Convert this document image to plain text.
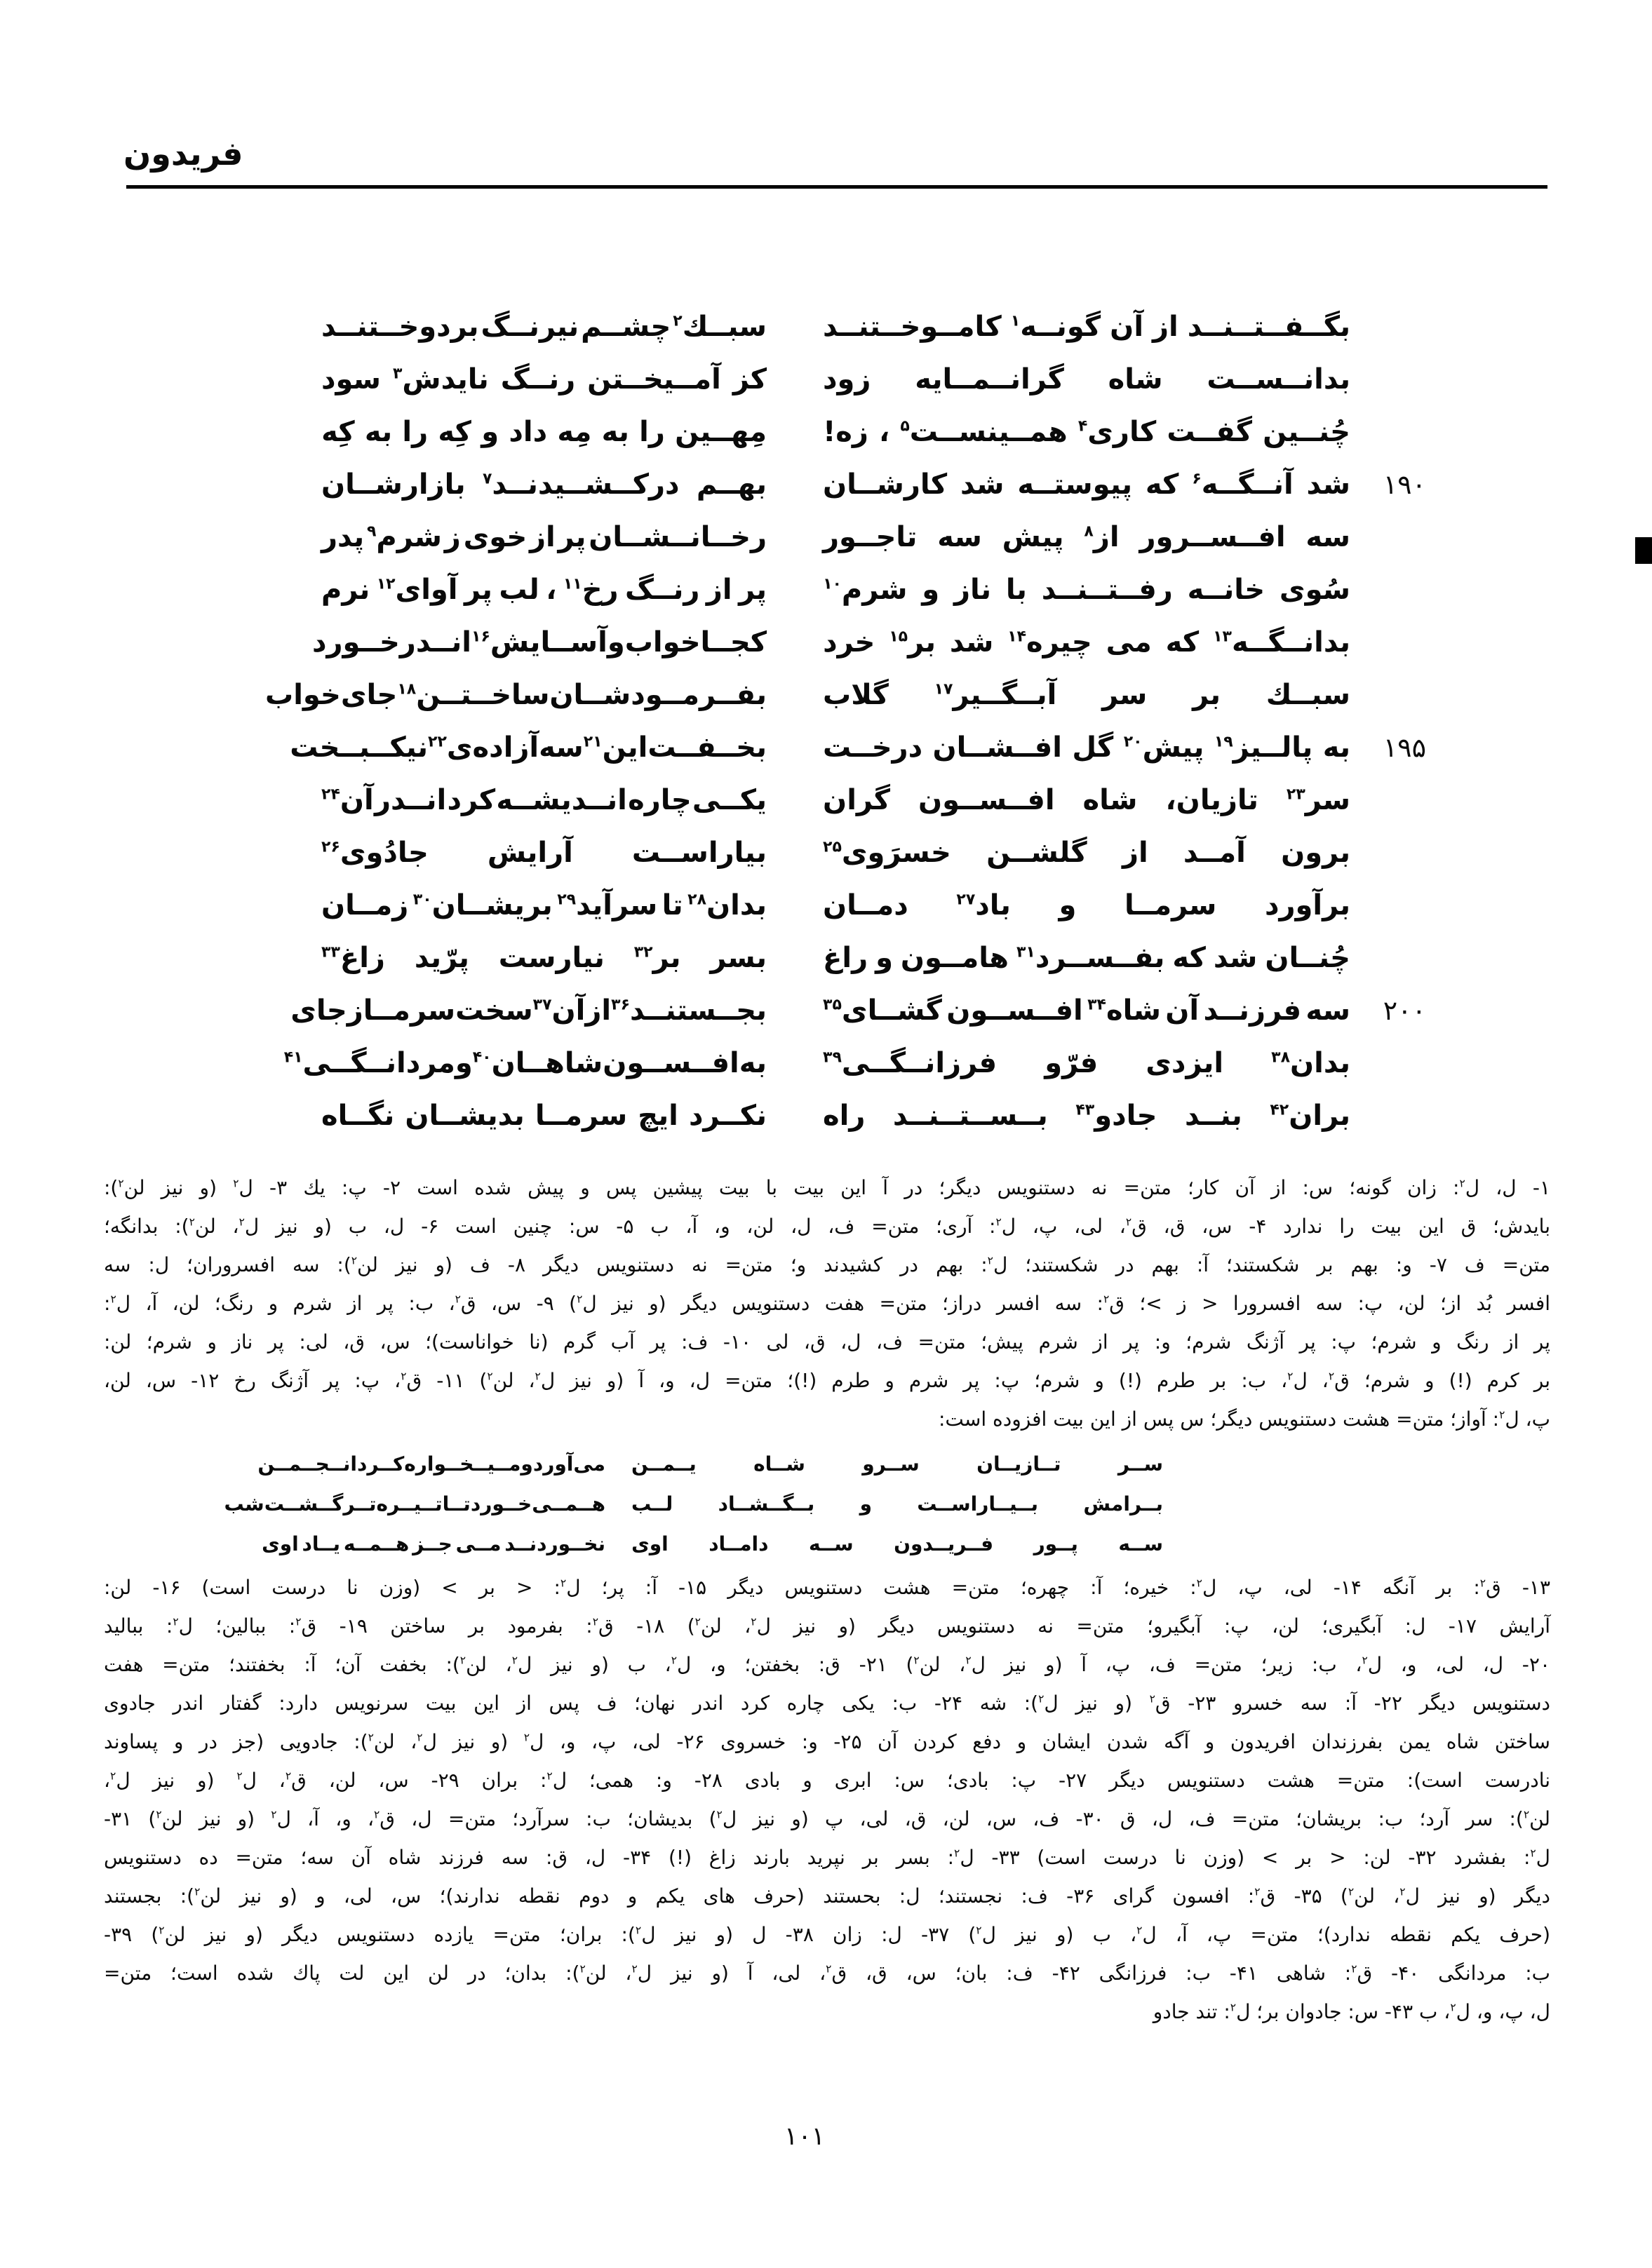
فریدون
بگــفــتــنــد
از
آن
گونــه$^۱$
کامــوخــتنــد
سبــك$^۲$
چشــم
نیرنــگ
بردوخــتنــد
بدانــســت
شاه
گرانــمــایه
زود
کز
آمــیخــتن
رنــگ
نایدش$^۳$
سود
چُنــین
گفــت
کاری$^۴$
همــینســت$^۵$
،
زه!
مِهــین
را
به
مِه
داد
و
کِه
را
به
کِه
۱۹۰
شد
آنــگــه$^۶$
که
پیوستــه
شد
کارشــان
بهــم
درکــشــیدنــد$^۷$
بازارشــان
سه
افــســرور
از$^۸$
پیش
سه
تاجــور
رخــانــشــان
پر
از
خوی
ز
شرم$^۹$
پدر
سُوی
خانــه
رفــتــنــد
با
ناز
و
شرم$^{۱۰}$
پر
از
رنــگ
رخ$^{۱۱}$
،
لب
پر
آوای$^{۱۲}$
نرم
بدانــگــه$^{۱۳}$
که
می
چیره$^{۱۴}$
شد
بر$^{۱۵}$
خرد
کجــا
خواب
و
آســایش$^{۱۶}$
انــدرخــورد
سبــك
بر
سر
آبــگــیر$^{۱۷}$
گلاب
بفــرمــودشــان
ساخــتــن$^{۱۸}$
جای
خواب
۱۹۵
به
پالــیز$^{۱۹}$
پیش$^{۲۰}$
گل
افــشــان
درخــت
بخــفــت
این$^{۲۱}$
سه
آزاده‌ی$^{۲۲}$
نیکــبــخت
سر$^{۲۳}$
تازیان،
شاه
افــســون
گران
یکــی
چاره
انــدیشــه
کرد
انــدر
آن$^{۲۴}$
برون
آمــد
از
گلشــن
خسرَوی$^{۲۵}$
بیاراســت
آرایش
جادُوی$^{۲۶}$
برآورد
سرمــا
و
باد$^{۲۷}$
دمــان
بدان$^{۲۸}$
تا
سرآید$^{۲۹}$
بریشــان$^{۳۰}$
زمــان
چُنــان
شد
که
بفــســرد$^{۳۱}$
هامــون
و
راغ
بسر
بر$^{۳۲}$
نیارست
پرّید
زاغ$^{۳۳}$
۲۰۰
سه
فرزنــد
آن
شاه$^{۳۴}$
افــســون
گشــای$^{۳۵}$
بجــستنــد$^{۳۶}$
از
آن$^{۳۷}$
سخت
سرمــا
ز
جای
بدان$^{۳۸}$
ایزدی
فرّو
فرزانــگــی$^{۳۹}$
به
افــســون
شاهــان$^{۴۰}$
و
مردانــگــی$^{۴۱}$
بران$^{۴۲}$
بنــد
جادو$^{۴۳}$
بــســتــنــد
راه
نکــرد
ایچ
سرمــا
بدیشــان
نگــاه
۱- ل، ل$^۲$: زان گونه؛ س: از آن کار؛ متن= نه دستنویس دیگر؛ در آ این بیت با بیت پیشین پس و پیش شده است ۲- پ: یك ۳- ل$^۲$ (و نیز لن$^۲$):
بایدش؛ ق این بیت را ندارد ۴- س، ق، ق$^۲$، لی، پ، ل$^۲$: آری؛ متن= ف، ل، لن، و، آ، ب ۵- س: چنین است ۶- ل، ب (و نیز ل$^۲$، لن$^۲$): بدانگه؛
متن= ف ۷- و: بهم بر شکستند؛ آ: بهم در شکستند؛ ل$^۲$: بهم در کشیدند و؛ متن= نه دستنویس دیگر ۸- ف (و نیز لن$^۲$): سه افسروران؛ ل: سه
افسر بُد از؛ لن، پ: سه افسرورا < ز >؛ ق$^۲$: سه افسر دراز؛ متن= هفت دستنویس دیگر (و نیز ل$^۲$) ۹- س، ق$^۲$، ب: پر از شرم و رنگ؛ لن، آ، ل$^۲$:
پر از رنگ و شرم؛ پ: پر آژنگ شرم؛ و: پر از شرم پیش؛ متن= ف، ل، ق، لی ۱۰- ف: پر آب گرم (نا خواناست)؛ س، ق، لی: پر ناز و شرم؛ لن:
بر کرم (!) و شرم؛ ق$^۲$، ل$^۲$، ب: بر طرم (!) و شرم؛ پ: پر شرم و طرم (!)؛ متن= ل، و، آ (و نیز ل$^۲$، لن$^۲$) ۱۱- ق$^۲$، پ: پر آژنگ رخ ۱۲- س، لن،
پ، ل$^۲$: آواز؛ متن= هشت دستنویس دیگر؛ س پس از این بیت افزوده است:
ســر
تــازیــان
ســرو
شــاه
یــمــن
می
آورد
و
مــیــخــواره
کــرد
انــجــمــن
بــرامش
بــیــاراســت
و
بــگــشــاد
لــب
هــمــی
خــورد
تــا
تــیــره
تــر
گــشــت
شب
ســه
پــور
فــریــدون
ســه
دامــاد
اوی
نخــوردنــد
مــی
جــز
هــمــه
یــاد
اوی
۱۳- ق$^۲$: بر آنگه ۱۴- لی، پ، ل$^۲$: خیره؛ آ: چهره؛ متن= هشت دستنویس دیگر ۱۵- آ: پر؛ ل$^۲$: < بر > (وزن نا درست است) ۱۶- لن:
آرایش ۱۷- ل: آبگیری؛ لن، پ: آبگیرو؛ متن= نه دستنویس دیگر (و نیز ل$^۲$، لن$^۲$) ۱۸- ق$^۲$: بفرمود بر ساختن ۱۹- ق$^۲$: ببالین؛ ل$^۲$: ببالید
۲۰- ل، لی، و، ل$^۲$، ب: زیر؛ متن= ف، پ، آ (و نیز ل$^۲$، لن$^۲$) ۲۱- ق: بخفتن؛ و، ل$^۲$، ب (و نیز ل$^۲$، لن$^۲$): بخفت آن؛ آ: بخفتند؛ متن= هفت
دستنویس دیگر ۲۲- آ: سه خسرو ۲۳- ق$^۲$ (و نیز ل$^۲$): شه ۲۴- ب: یکی چاره کرد اندر نهان؛ ف پس از این بیت سرنویس دارد: گفتار اندر جادوی
ساختن شاه یمن بفرزندان افریدون و آگه شدن ایشان و دفع کردن آن ۲۵- و: خسروی ۲۶- لی، پ، و، ل$^۲$ (و نیز ل$^۲$، لن$^۲$): جادویی (جز در و پساوند
نادرست است): متن= هشت دستنویس دیگر ۲۷- پ: بادی؛ س: ابری و بادی ۲۸- و: همی؛ ل$^۲$: بران ۲۹- س، لن، ق$^۲$، ل$^۲$ (و نیز ل$^۲$،
لن$^۲$): سر آرد؛ ب: بریشان؛ متن= ف، ل، ق ۳۰- ف، س، لن، ق، لی، پ (و نیز ل$^۲$) بدیشان؛ ب: سرآرد؛ متن= ل، ق$^۲$، و، آ، ل$^۲$ (و نیز لن$^۲$) ۳۱-
ل$^۲$: بفشرد ۳۲- لن: < بر > (وزن نا درست است) ۳۳- ل$^۲$: بسر بر نپرید بارند زاغ (!) ۳۴- ل، ق: سه فرزند شاه آن سه؛ متن= ده دستنویس
دیگر (و نیز ل$^۲$، لن$^۲$) ۳۵- ق$^۲$: افسون گرای ۳۶- ف: نجستند؛ ل: بحستند (حرف های یکم و دوم نقطه ندارند)؛ س، لی، و (و نیز لن$^۲$): بجستند
(حرف یکم نقطه ندارد)؛ متن= پ، آ، ل$^۲$، ب (و نیز ل$^۲$) ۳۷- ل: زان ۳۸- ل (و نیز ل$^۲$): بران؛ متن= یازده دستنویس دیگر (و نیز لن$^۲$) ۳۹-
ب: مردانگی ۴۰- ق$^۲$: شاهی ۴۱- ب: فرزانگی ۴۲- ف: بان؛ س، ق، ق$^۲$، لی، آ (و نیز ل$^۲$، لن$^۲$): بدان؛ در لن این لت پاك شده است؛ متن=
ل، پ، و، ل$^۲$، ب ۴۳- س: جادوان بر؛ ل$^۲$: تند جادو
۱۰۱
